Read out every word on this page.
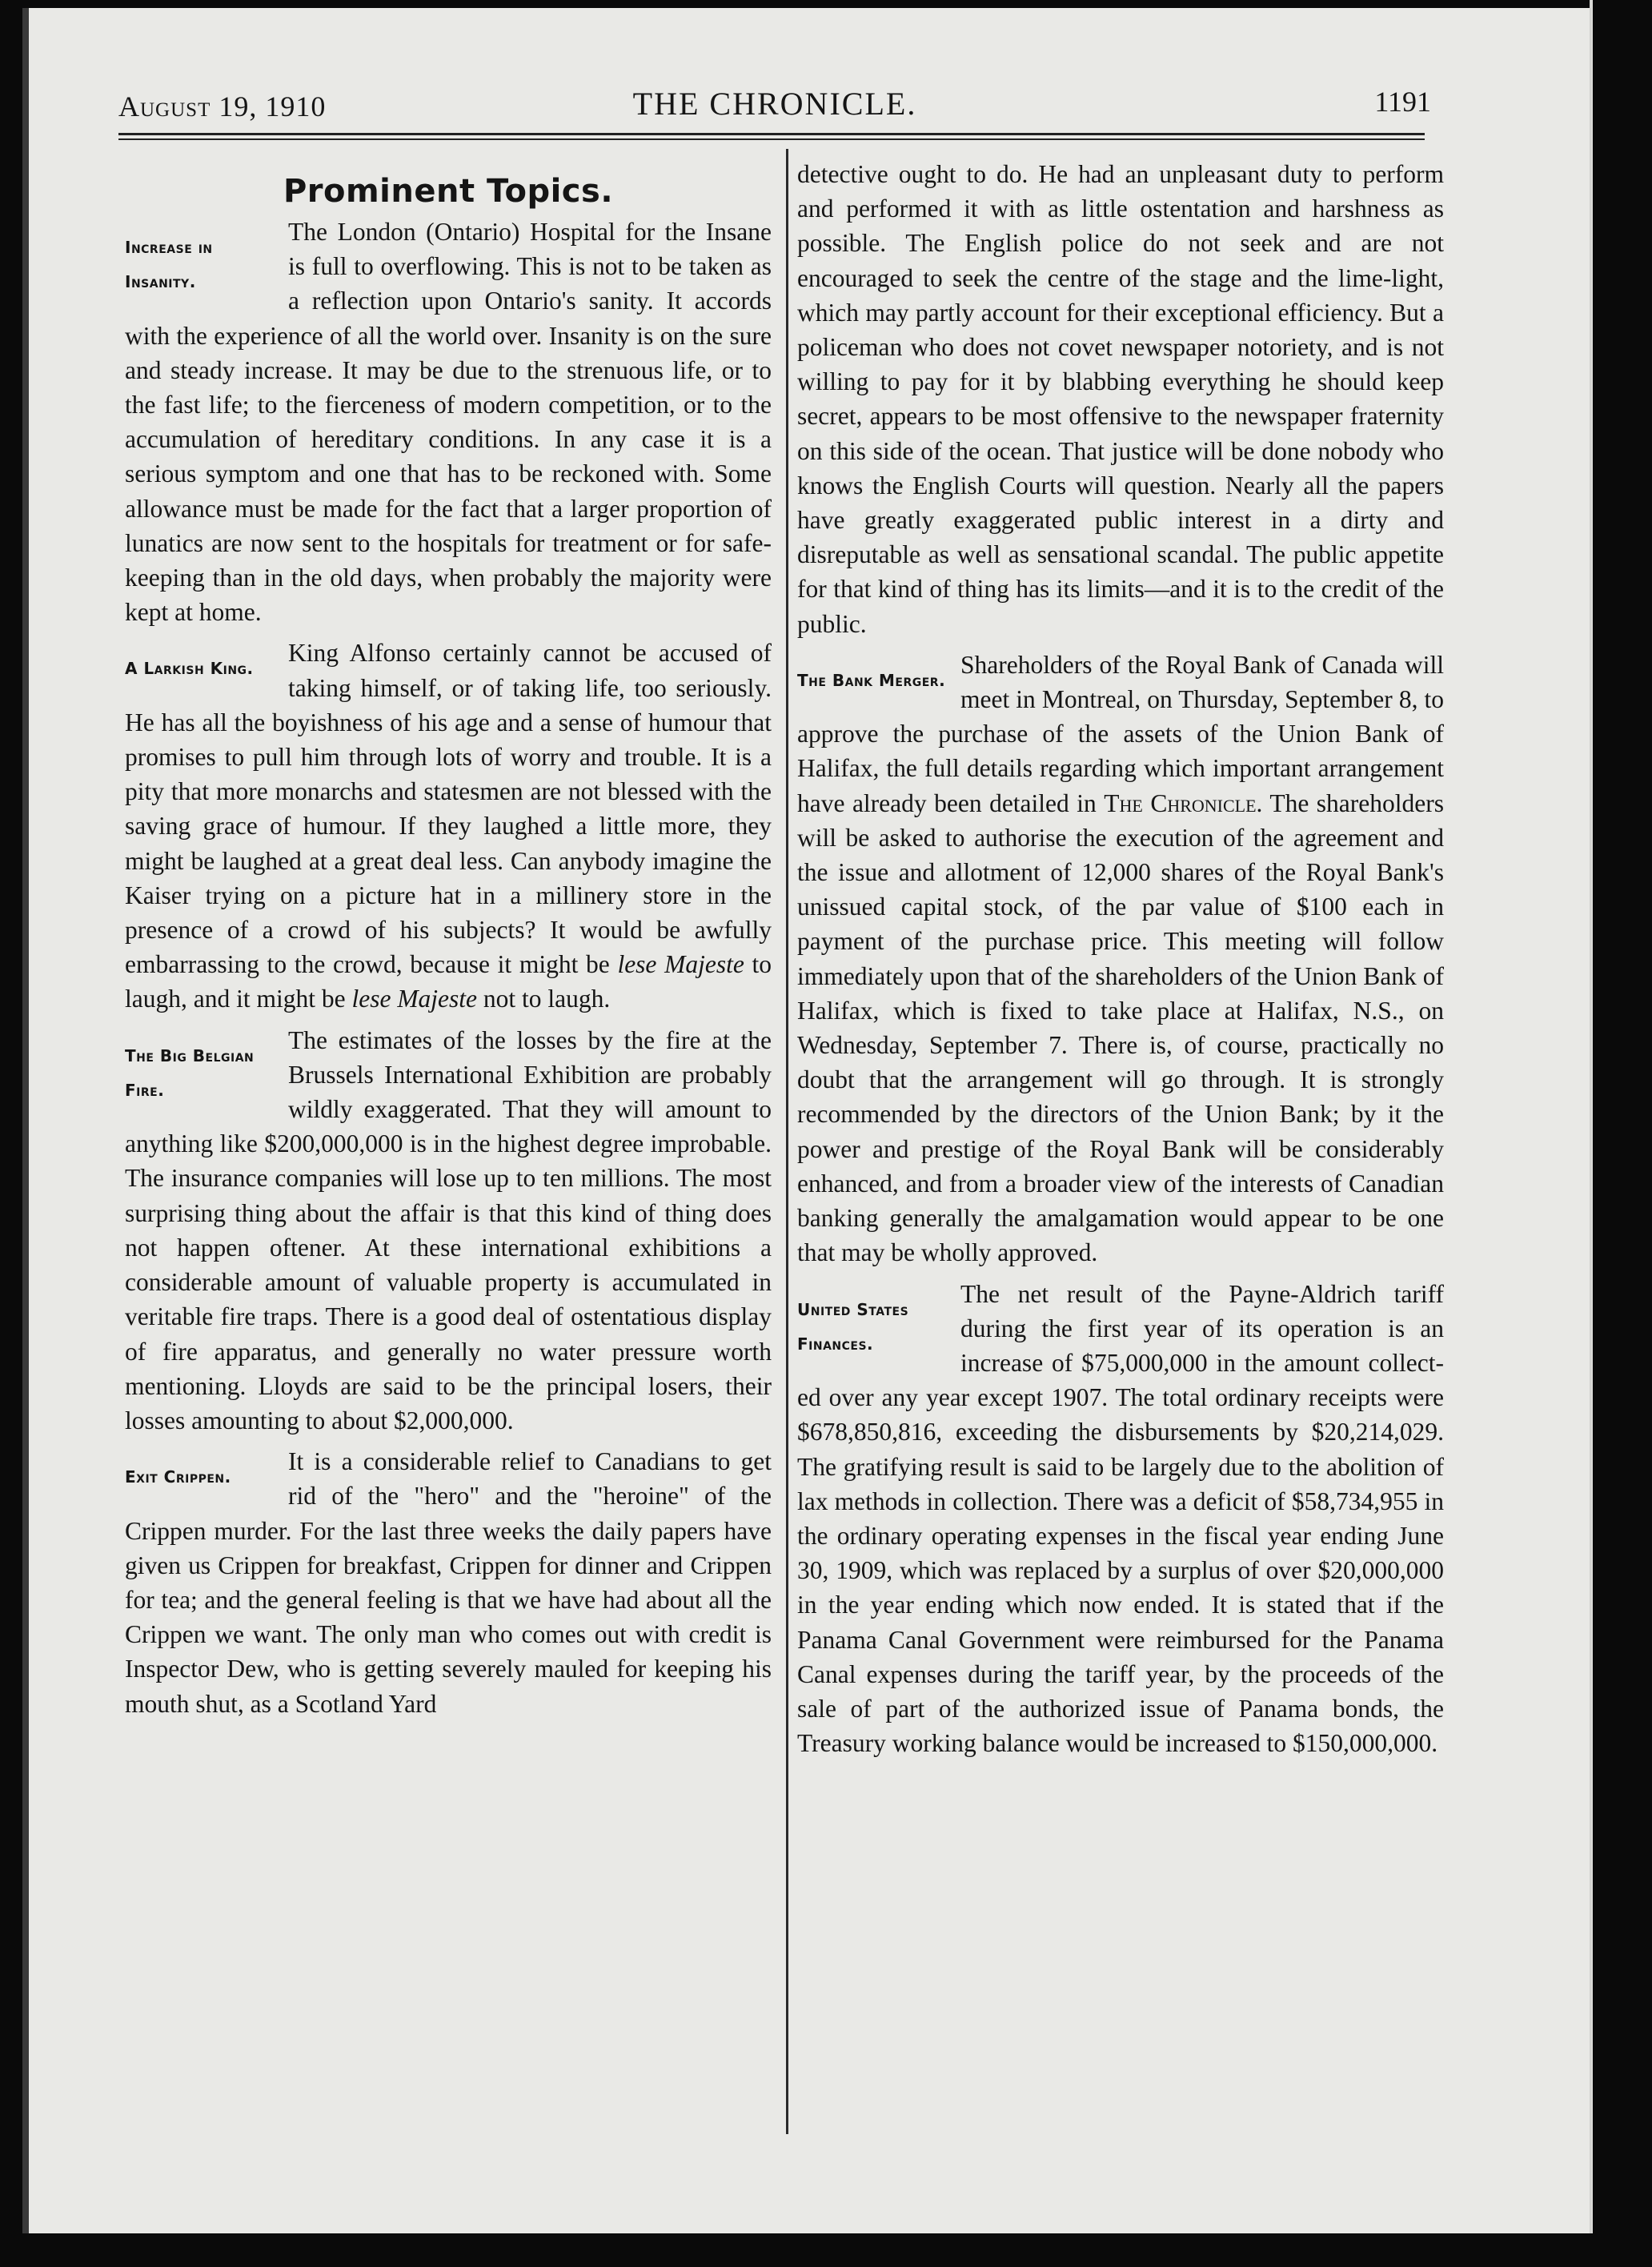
August 19, 1910	THE CHRONICLE.	1191
Prominent Topics.
Increase in
Insanity.

The London (Ontario) Hospital for the Insane is full to overflowing. This is not to be taken as a reflection upon Ontario's sanity. It accords with the experience of all the world over. Insanity is on the sure and steady increase. It may be due to the strenuous life, or to the fast life; to the fierceness of modern competition, or to the accumulation of hereditary conditions. In any case it is a serious symptom and one that has to be reckoned with. Some allowance must be made for the fact that a larger proportion of lunatics are now sent to the hospitals for treatment or for safe-keeping than in the old days, when probably the majority were kept at home.

A Larkish King.

King Alfonso certainly cannot be accused of taking himself, or of taking life, too seriously. He has all the boyishness of his age and a sense of humour that promises to pull him through lots of worry and trouble. It is a pity that more monarchs and statesmen are not blessed with the saving grace of humour. If they laughed a little more, they might be laughed at a great deal less. Can anybody imagine the Kaiser trying on a picture hat in a millinery store in the presence of a crowd of his subjects? It would be awfully embarrassing to the crowd, because it might be lese Majeste to laugh, and it might be lese Majeste not to laugh.

The Big Belgian
Fire.

The estimates of the losses by the fire at the Brussels International Exhibition are probably wildly exaggerated. That they will amount to anything like $200,000,000 is in the highest degree improbable. The insurance companies will lose up to ten millions. The most surprising thing about the affair is that this kind of thing does not happen oftener. At these international exhibitions a considerable amount of valuable property is accumulated in veritable fire traps. There is a good deal of ostentatious display of fire apparatus, and generally no water pressure worth mentioning. Lloyds are said to be the principal losers, their losses amounting to about $2,000,000.

Exit Crippen.

It is a considerable relief to Canadians to get rid of the "hero" and the "heroine" of the Crippen murder. For the last three weeks the daily papers have given us Crippen for breakfast, Crippen for dinner and Crippen for tea; and the general feeling is that we have had about all the Crippen we want. The only man who comes out with credit is Inspector Dew, who is getting severely mauled for keeping his mouth shut, as a Scotland Yard

detective ought to do. He had an unpleasant duty to perform and performed it with as little ostentation and harshness as possible. The English police do not seek and are not encouraged to seek the centre of the stage and the lime-light, which may partly account for their exceptional efficiency. But a policeman who does not covet newspaper notoriety, and is not willing to pay for it by blabbing everything he should keep secret, appears to be most offensive to the newspaper fraternity on this side of the ocean. That justice will be done nobody who knows the English Courts will question. Nearly all the papers have greatly exaggerated public interest in a dirty and disreputable as well as sensational scandal. The public appetite for that kind of thing has its limits—and it is to the credit of the public.

The Bank Merger.

Shareholders of the Royal Bank of Canada will meet in Montreal, on Thursday, September 8, to approve the purchase of the assets of the Union Bank of Halifax, the full details regarding which important arrangement have already been detailed in The Chronicle. The shareholders will be asked to authorise the execution of the agreement and the issue and allotment of 12,000 shares of the Royal Bank's unissued capital stock, of the par value of $100 each in payment of the purchase price. This meeting will follow immediately upon that of the shareholders of the Union Bank of Halifax, which is fixed to take place at Halifax, N.S., on Wednesday, September 7. There is, of course, practically no doubt that the arrangement will go through. It is strongly recommended by the directors of the Union Bank; by it the power and prestige of the Royal Bank will be considerably enhanced, and from a broader view of the interests of Canadian banking generally the amalgamation would appear to be one that may be wholly approved.

United States
Finances.

The net result of the Payne-Aldrich tariff during the first year of its operation is an increase of $75,000,000 in the amount collect- ed over any year except 1907. The total ordinary receipts were $678,850,816, exceeding the disbursements by $20,214,029. The gratifying result is said to be largely due to the abolition of lax methods in collection. There was a deficit of $58,734,955 in the ordinary operating expenses in the fiscal year ending June 30, 1909, which was replaced by a surplus of over $20,000,000 in the year ending which now ended. It is stated that if the Panama Canal Government were reimbursed for the Panama Canal expenses during the tariff year, by the proceeds of the sale of part of the authorized issue of Panama bonds, the Treasury working balance would be increased to $150,000,000.
